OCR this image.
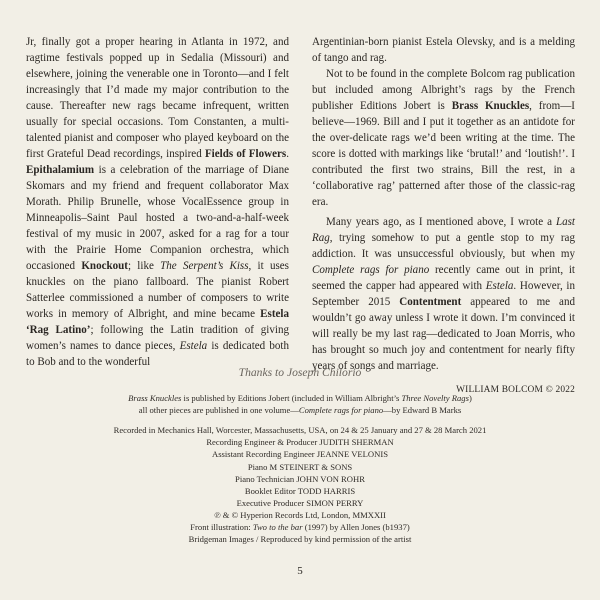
Jr, finally got a proper hearing in Atlanta in 1972, and ragtime festivals popped up in Sedalia (Missouri) and elsewhere, joining the venerable one in Toronto—and I felt increasingly that I’d made my major contribution to the cause. Thereafter new rags became infrequent, written usually for special occasions. Tom Constanten, a multi-talented pianist and composer who played keyboard on the first Grateful Dead recordings, inspired Fields of Flowers. Epithalamium is a celebration of the marriage of Diane Skomars and my friend and frequent collaborator Max Morath. Philip Brunelle, whose VocalEssence group in Minneapolis–Saint Paul hosted a two-and-a-half-week festival of my music in 2007, asked for a rag for a tour with the Prairie Home Companion orchestra, which occasioned Knockout; like The Serpent’s Kiss, it uses knuckles on the piano fallboard. The pianist Robert Satterlee commissioned a number of composers to write works in memory of Albright, and mine became Estela ‘Rag Latino’; following the Latin tradition of giving women’s names to dance pieces, Estela is dedicated both to Bob and to the wonderful

Argentinian-born pianist Estela Olevsky, and is a melding of tango and rag.

Not to be found in the complete Bolcom rag publication but included among Albright’s rags by the French publisher Editions Jobert is Brass Knuckles, from—I believe—1969. Bill and I put it together as an antidote for the over-delicate rags we’d been writing at the time. The score is dotted with markings like ‘brutal!’ and ‘loutish!’. I contributed the first two strains, Bill the rest, in a ‘collaborative rag’ patterned after those of the classic-rag era.

Many years ago, as I mentioned above, I wrote a Last Rag, trying somehow to put a gentle stop to my rag addiction. It was unsuccessful obviously, but when my Complete rags for piano recently came out in print, it seemed the capper had appeared with Estela. However, in September 2015 Contentment appeared to me and wouldn’t go away unless I wrote it down. I’m convinced it will really be my last rag—dedicated to Joan Morris, who has brought so much joy and contentment for nearly fifty years of songs and marriage.

WILLIAM BOLCOM © 2022
Thanks to Joseph Chilorio

Brass Knuckles is published by Editions Jobert (included in William Albright’s Three Novelty Rags)

all other pieces are published in one volume—Complete rags for piano—by Edward B Marks

Recorded in Mechanics Hall, Worcester, Massachusetts, USA, on 24 & 25 January and 27 & 28 March 2021

Recording Engineer & Producer JUDITH SHERMAN

Assistant Recording Engineer JEANNE VELONIS

Piano M STEINERT & SONS

Piano Technician JOHN VON ROHR

Booklet Editor TODD HARRIS

Executive Producer SIMON PERRY

℗ & © Hyperion Records Ltd, London, MMXXII

Front illustration: Two to the bar (1997) by Allen Jones (b1937)

Bridgeman Images / Reproduced by kind permission of the artist

5
